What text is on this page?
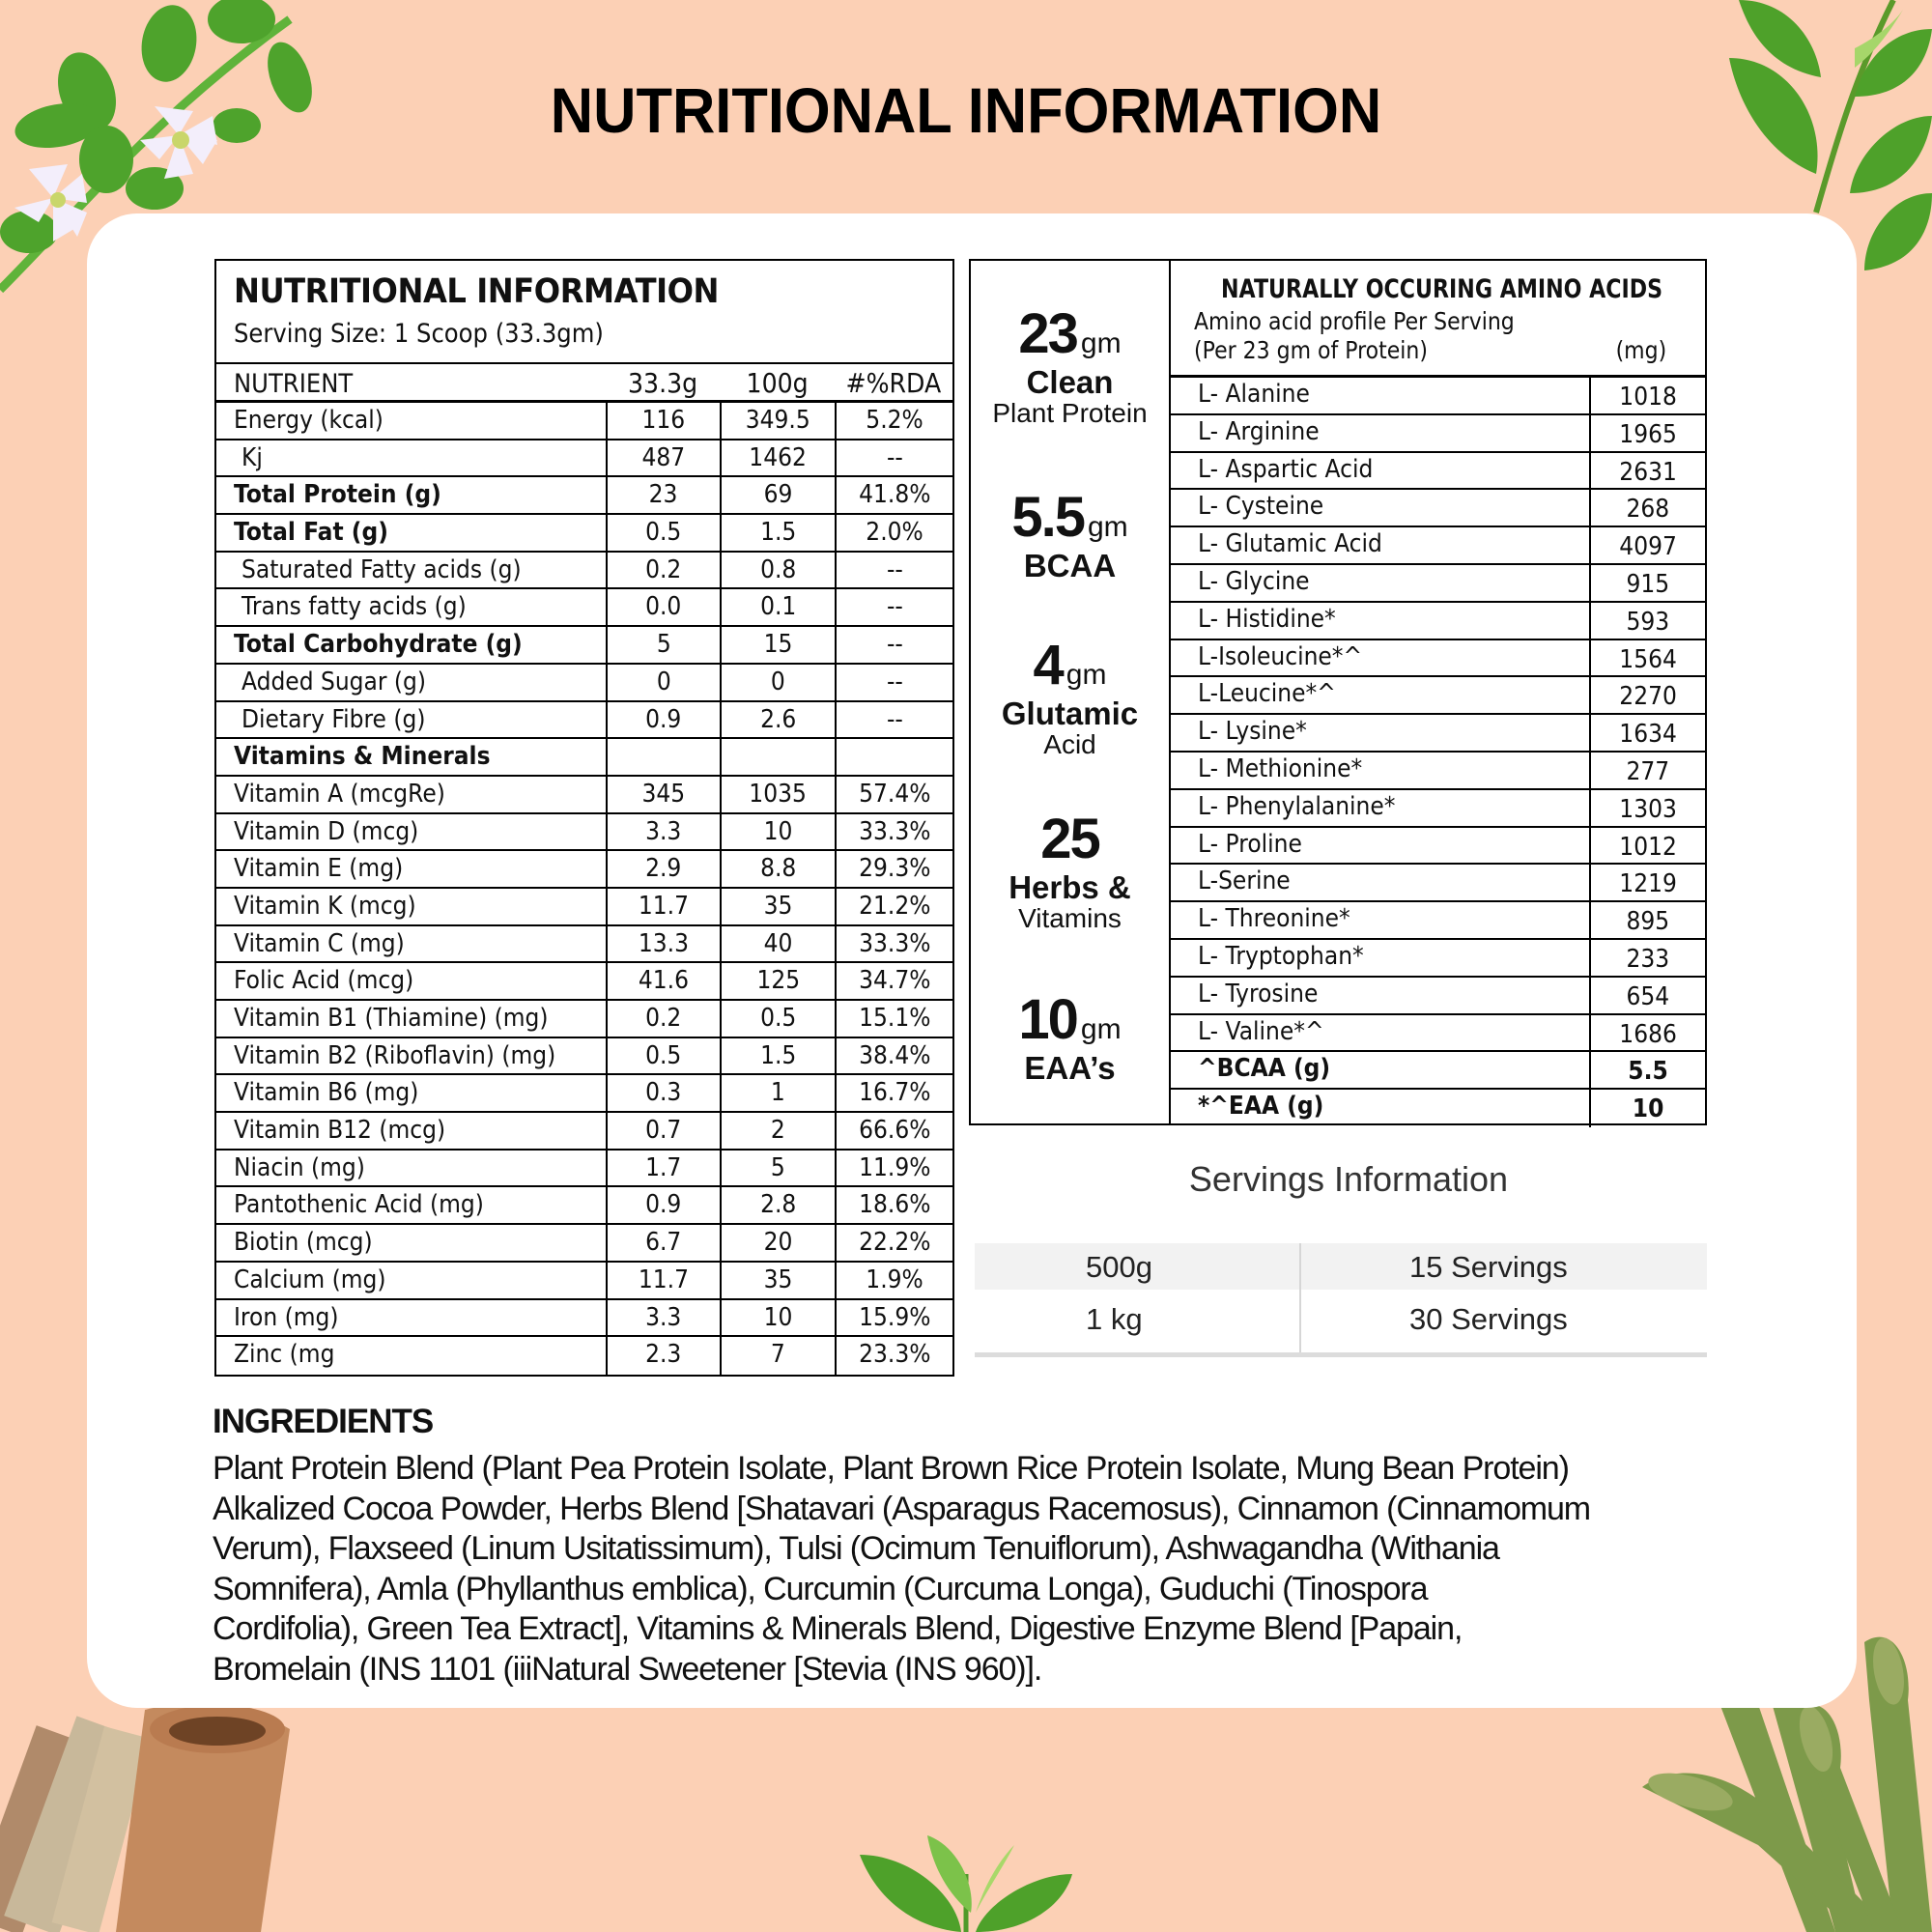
NUTRITIONAL INFORMATION
NUTRITIONAL INFORMATION
Serving Size: 1 Scoop (33.3gm)
NUTRIENT	33.3g	100g	#%RDA
Energy (kcal)	116	349.5	5.2%
Kj	487	1462	--
Total Protein (g)	23	69	41.8%
Total Fat (g)	0.5	1.5	2.0%
Saturated Fatty acids (g)	0.2	0.8	--
Trans fatty acids (g)	0.0	0.1	--
Total Carbohydrate (g)	5	15	--
Added Sugar (g)	0	0	--
Dietary Fibre (g)	0.9	2.6	--
Vitamins & Minerals
Vitamin A (mcgRe)	345	1035	57.4%
Vitamin D (mcg)	3.3	10	33.3%
Vitamin E (mg)	2.9	8.8	29.3%
Vitamin K (mcg)	11.7	35	21.2%
Vitamin C (mg)	13.3	40	33.3%
Folic Acid (mcg)	41.6	125	34.7%
Vitamin B1 (Thiamine) (mg)	0.2	0.5	15.1%
Vitamin B2 (Riboflavin) (mg)	0.5	1.5	38.4%
Vitamin B6 (mg)	0.3	1	16.7%
Vitamin B12 (mcg)	0.7	2	66.6%
Niacin (mg)	1.7	5	11.9%
Pantothenic Acid (mg)	0.9	2.8	18.6%
Biotin (mcg)	6.7	20	22.2%
Calcium (mg)	11.7	35	1.9%
Iron (mg)	3.3	10	15.9%
Zinc (mg	2.3	7	23.3%
23 gm
Clean
Plant Protein
5.5 gm
BCAA
4 gm
Glutamic
Acid
25
Herbs &
Vitamins
10 gm
EAA’s
NATURALLY OCCURING AMINO ACIDS
Amino acid profile Per Serving
(Per 23 gm of Protein)	(mg)
L- Alanine	1018
L- Arginine	1965
L- Aspartic Acid	2631
L- Cysteine	268
L- Glutamic Acid	4097
L- Glycine	915
L- Histidine*	593
L-Isoleucine*^	1564
L-Leucine*^	2270
L- Lysine*	1634
L- Methionine*	277
L- Phenylalanine*	1303
L- Proline	1012
L-Serine	1219
L- Threonine*	895
L- Tryptophan*	233
L- Tyrosine	654
L- Valine*^	1686
^BCAA (g)	5.5
*^EAA (g)	10
Servings Information
500g	15 Servings
1 kg	30 Servings
INGREDIENTS
Plant Protein Blend (Plant Pea Protein Isolate, Plant Brown Rice Protein Isolate, Mung Bean Protein)
Alkalized Cocoa Powder, Herbs Blend [Shatavari (Asparagus Racemosus), Cinnamon (Cinnamomum
Verum), Flaxseed (Linum Usitatissimum), Tulsi (Ocimum Tenuiflorum), Ashwagandha (Withania
Somnifera), Amla (Phyllanthus emblica), Curcumin (Curcuma Longa), Guduchi (Tinospora
Cordifolia), Green Tea Extract], Vitamins & Minerals Blend, Digestive Enzyme Blend [Papain,
Bromelain (INS 1101 (iiiNatural Sweetener [Stevia (INS 960)].
